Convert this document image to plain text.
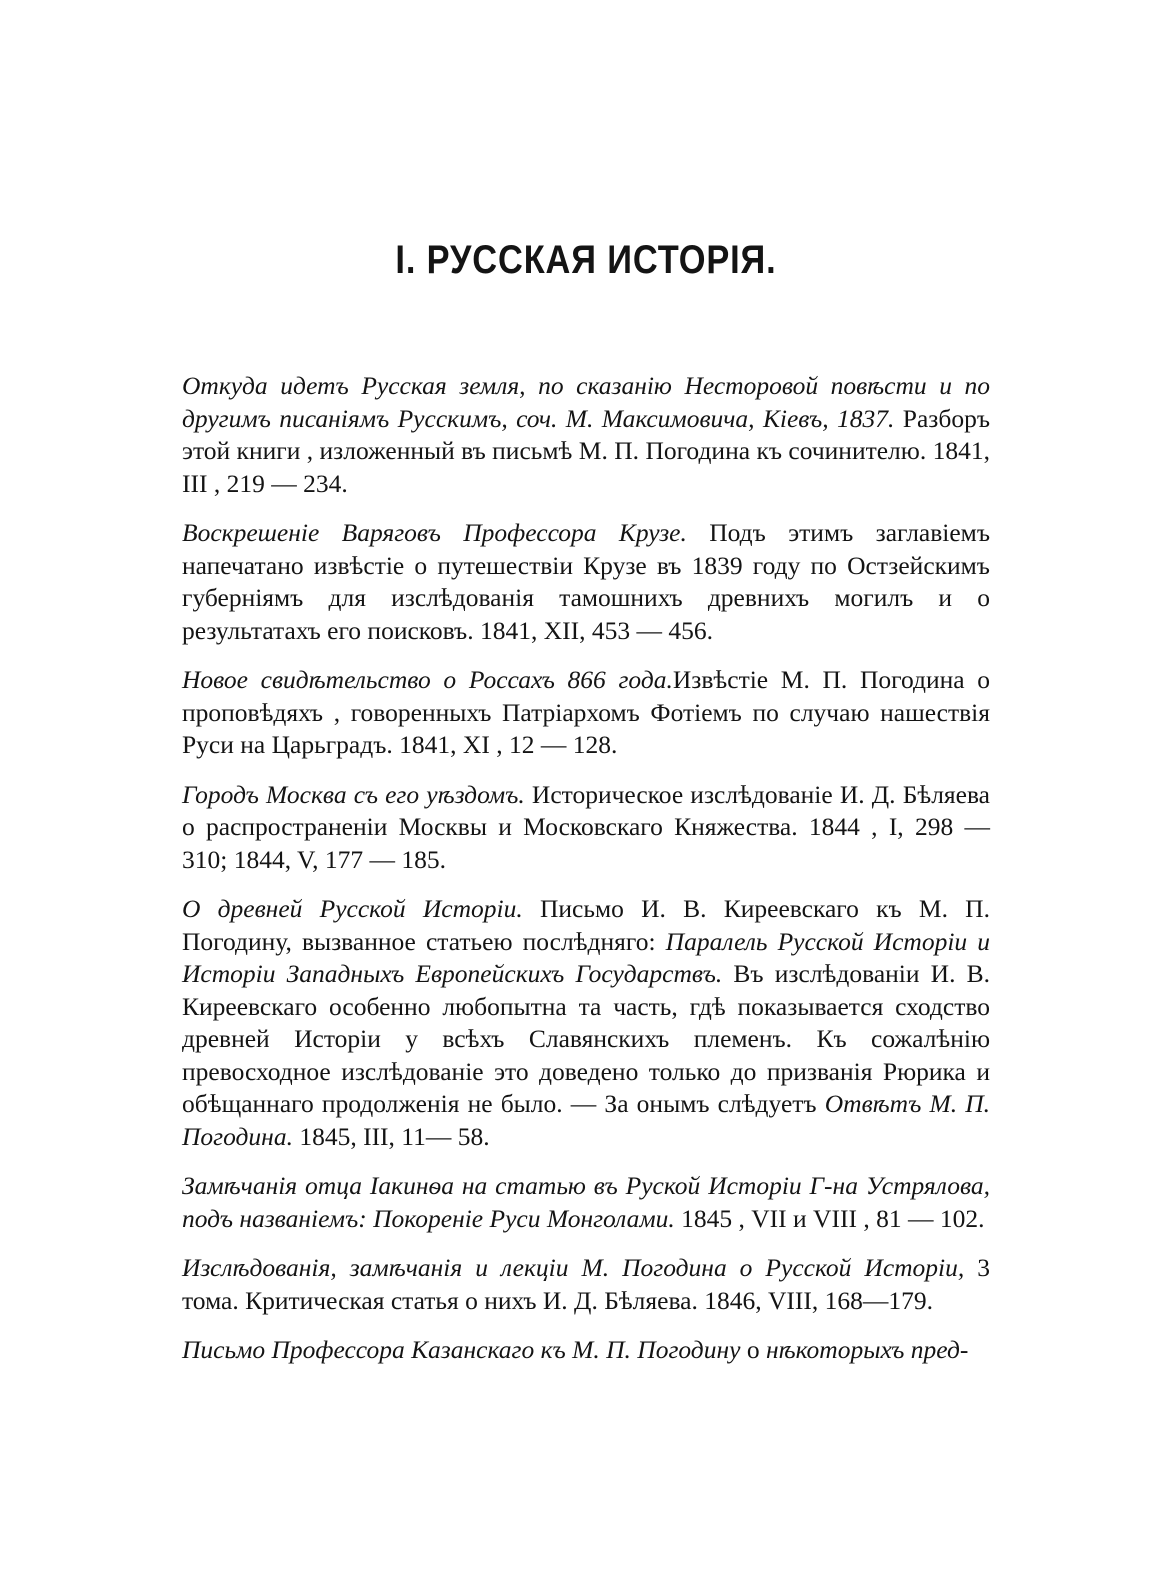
I. РУССКАЯ ИСТОРІЯ.

Откуда идетъ Русская земля, по сказанію Несторовой повѣсти и по другимъ писаніямъ Русскимъ, соч. М. Максимовича, Кіевъ, 1837. Разборъ этой книги , изложенный въ письмѣ М. П. Погодина къ сочинителю. 1841, III , 219 — 234.

Воскрешеніе Варяговъ Профессора Крузе. Подъ этимъ заглавіемъ напечатано извѣстіе о путешествіи Крузе въ 1839 году по Остзейскимъ губерніямъ для изслѣдованія тамошнихъ древнихъ могилъ и о результатахъ его поисковъ. 1841, XII, 453 — 456.

Новое свидѣтельство о Россахъ 866 года.Извѣстіе М. П. Погодина о проповѣдяхъ , говоренныхъ Патріархомъ Фотіемъ по случаю нашествія Руси на Царьградъ. 1841, XI , 12 — 128.

Городъ Москва съ его уѣздомъ. Историческое изслѣдованіе И. Д. Бѣляева о распространеніи Москвы и Московскаго Княжества. 1844 , I, 298 — 310; 1844, V, 177 — 185.

О древней Русской Исторіи. Письмо И. В. Киреевскаго къ М. П. Погодину, вызванное статьею послѣдняго: Паралель Русской Исторіи и Исторіи Западныхъ Европейскихъ Государствъ. Въ изслѣдованіи И. В. Киреевскаго особенно любопытна та часть, гдѣ показывается сходство древней Исторіи у всѣхъ Славянскихъ племенъ. Къ сожалѣнію превосходное изслѣдованіе это доведено только до призванія Рюрика и обѣщаннаго продолженія не было. — За онымъ слѣдуетъ Отвѣтъ М. П. Погодина. 1845, III, 11— 58.

Замѣчанія отца Іакинѳа на статью въ Руской Исторіи Г-на Устрялова, подъ названіемъ: Покореніе Руси Монголами. 1845 , VII и VIII , 81 — 102.

Изслѣдованія, замѣчанія и лекціи М. Погодина о Русской Исторіи, 3 тома. Критическая статья о нихъ И. Д. Бѣляева. 1846, VIII, 168—179.

Письмо Профессора Казанскаго къ М. П. Погодину о нѣкоторыхъ пред-
